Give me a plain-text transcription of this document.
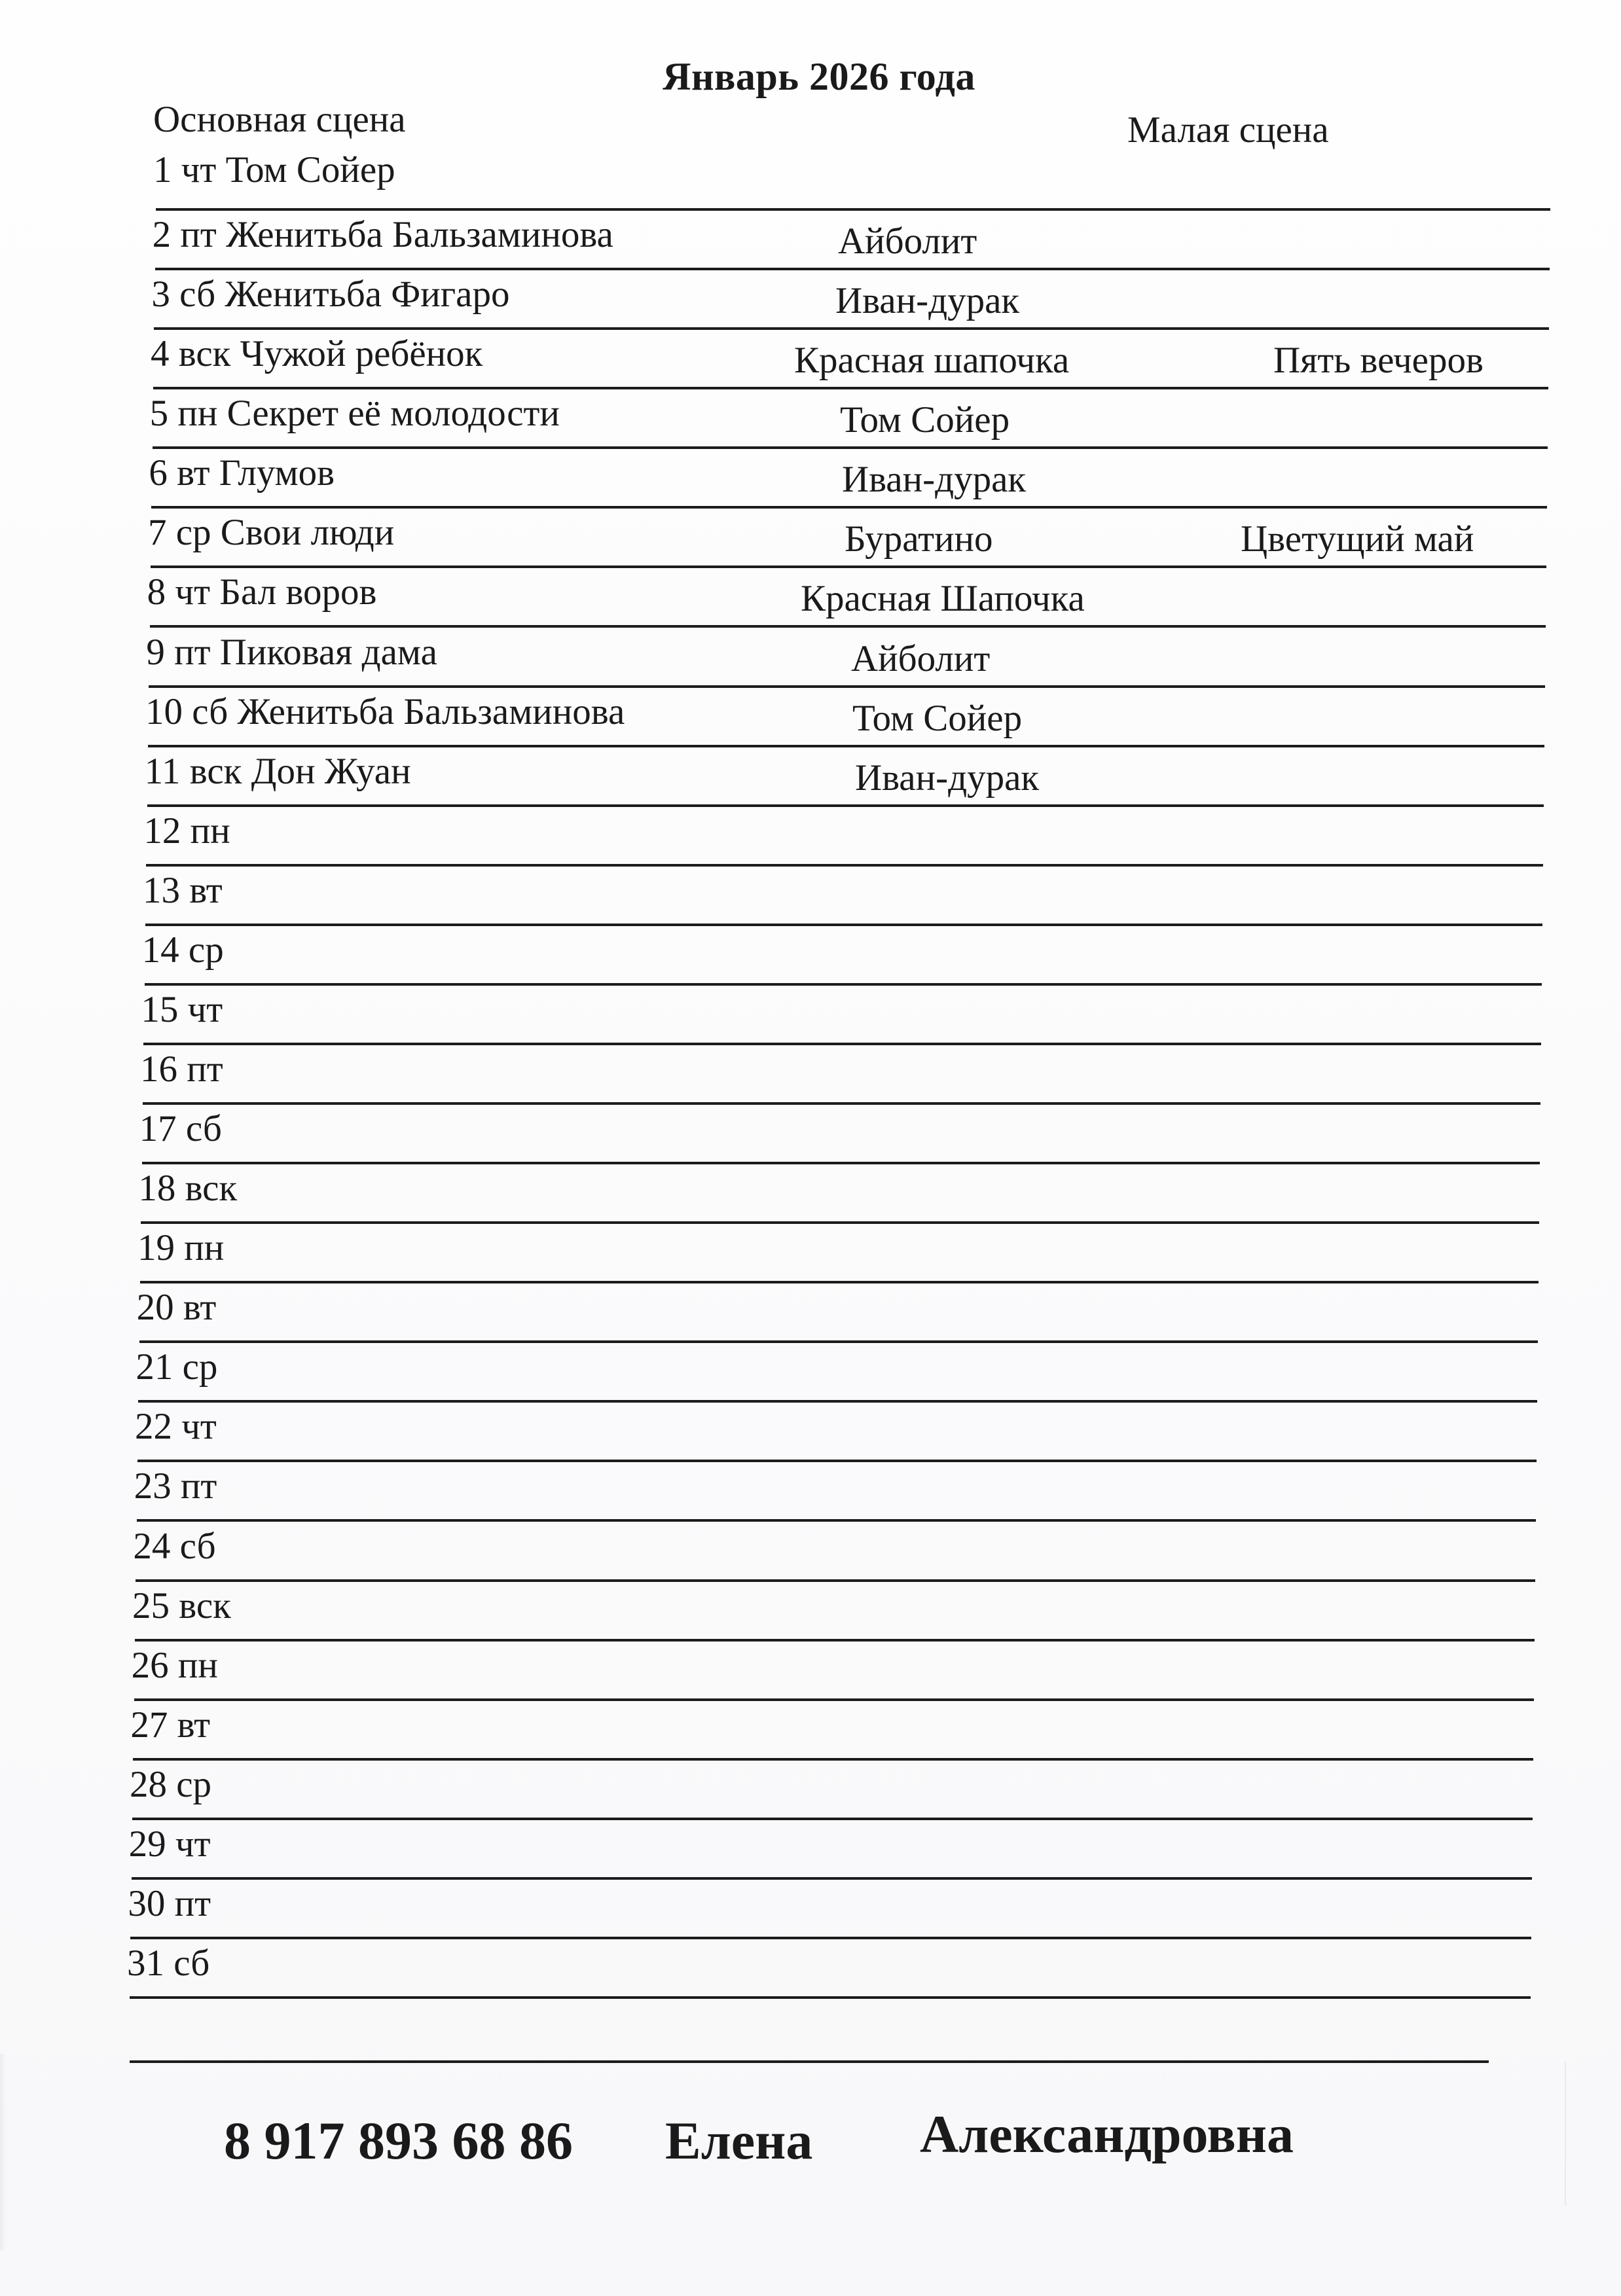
Январь 2026 года
Основная сцена	Малая сцена
1 чт Том Сойер
2 пт Женитьба Бальзаминова	Айболит
3 сб Женитьба Фигаро	Иван-дурак
4 вск Чужой ребёнок	Красная шапочка	Пять вечеров
5 пн Секрет её молодости	Том Сойер
6 вт Глумов	Иван-дурак
7 ср Свои люди	Буратино	Цветущий май
8 чт Бал воров	Красная Шапочка
9 пт Пиковая дама	Айболит
10 сб Женитьба Бальзаминова	Том Сойер
11 вск Дон Жуан	Иван-дурак
12 пн
13 вт
14 ср
15 чт
16 пт
17 сб
18 вск
19 пн
20 вт
21 ср
22 чт
23 пт
24 сб
25 вск
26 пн
27 вт
28 ср
29 чт
30 пт
31 сб
8 917 893 68 86 Елена Александровна
